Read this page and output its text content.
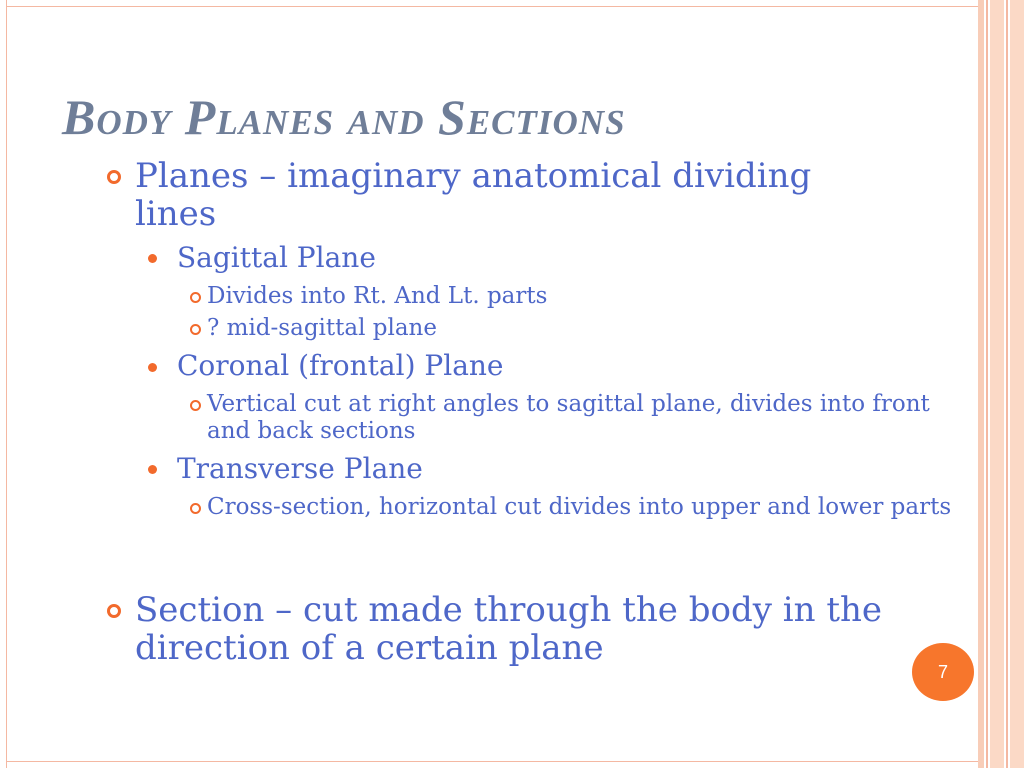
Body Planes and Sections
Planes – imaginary anatomical dividing lines
Sagittal Plane
Divides into Rt. And Lt. parts
? mid-sagittal plane
Coronal (frontal) Plane
Vertical cut at right angles to sagittal plane, divides into front and back sections
Transverse Plane
Cross-section, horizontal cut divides into upper and lower parts
Section – cut made through the body in the direction of a certain plane
7
